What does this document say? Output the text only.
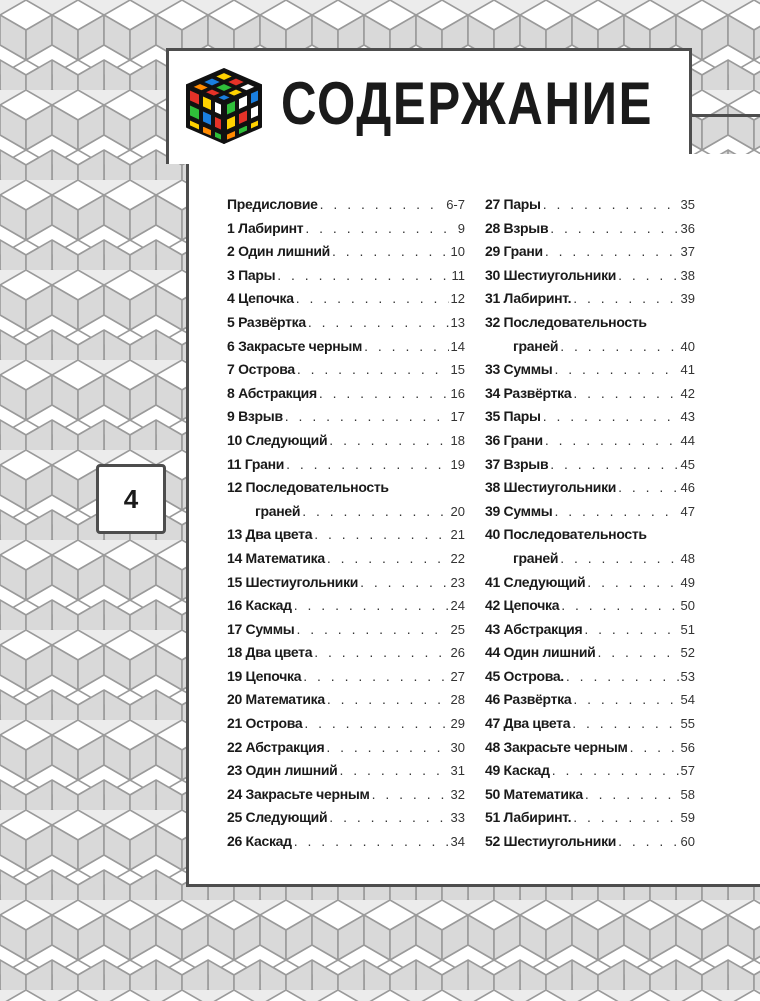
СОДЕРЖАНИЕ
Предисловие . . .	6-7
1 Лабиринт . . .	9
2 Один лишний . . .	10
3 Пары . . .	11
4 Цепочка . . .	12
5 Развёртка . . .	13
6 Закрасьте черным . . .	14
7 Острова . . .	15
8 Абстракция . . .	16
9 Взрыв . . .	17
10 Следующий . . .	18
11 Грани . . .	19
12 Последовательность
граней . . .	20
13 Два цвета . . .	21
14 Математика . . .	22
15 Шестиугольники . . .	23
16 Каскад . . .	24
17 Суммы . . .	25
18 Два цвета . . .	26
19 Цепочка . . .	27
20 Математика . . .	28
21 Острова . . .	29
22 Абстракция . . .	30
23 Один лишний . . .	31
24 Закрасьте черным . . .	32
25 Следующий . . .	33
26 Каскад . . .	34
27 Пары . . .	35
28 Взрыв . . .	36
29 Грани . . .	37
30 Шестиугольники . . .	38
31 Лабиринт. . . .	39
32 Последовательность
граней . . .	40
33 Суммы . . .	41
34 Развёртка . . .	42
35 Пары . . .	43
36 Грани . . .	44
37 Взрыв . . .	45
38 Шестиугольники . . .	46
39 Суммы . . .	47
40 Последовательность
граней . . .	48
41 Следующий . . .	49
42 Цепочка . . .	50
43 Абстракция . . .	51
44 Один лишний . . .	52
45 Острова. . . .	53
46 Развёртка . . .	54
47 Два цвета . . .	55
48 Закрасьте черным . . .	56
49 Каскад . . .	57
50 Математика . . .	58
51 Лабиринт. . . .	59
52 Шестиугольники . . .	60
4
